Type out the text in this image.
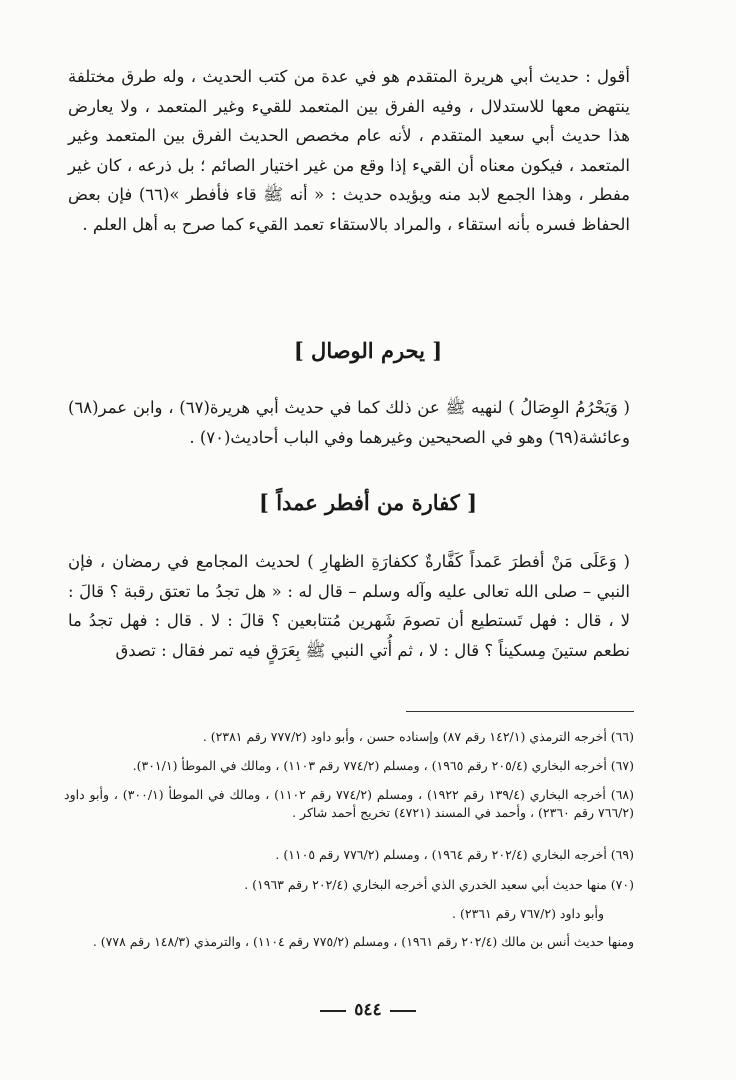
أقول : حديث أبي هريرة المتقدم هو في عدة من كتب الحديث ، وله طرق مختلفة ينتهض معها للاستدلال ، وفيه الفرق بين المتعمد للقيء وغير المتعمد ، ولا يعارض هذا حديث أبي سعيد المتقدم ، لأنه عام مخصص الحديث الفرق بين المتعمد وغير المتعمد ، فيكون معناه أن القيء إذا وقع من غير اختيار الصائم ؛ بل ذرعه ، كان غير مفطر ، وهذا الجمع لابد منه ويؤيده حديث : « أنه ﷺ قاء فأفطر »(٦٦) فإن بعض الحفاظ فسره بأنه استقاء ، والمراد بالاستقاء تعمد القيء كما صرح به أهل العلم .
[ يحرم الوصال ]
( وَيَحْرُمُ الوِصَالُ ) لنهيه ﷺ عن ذلك كما في حديث أبي هريرة(٦٧) ، وابن عمر(٦٨) وعائشة(٦٩) وهو في الصحيحين وغيرهما وفي الباب أحاديث(٧٠) .
[ كفارة من أفطر عمداً ]
( وَعَلَى مَنْ أفطرَ عَمداً كَفَّارةٌ ككفارَةِ الظهارِ ) لحديث المجامع في رمضان ، فإن النبي – صلى الله تعالى عليه وآله وسلم – قال له : « هل تجدُ ما تعتق رقبة ؟ قالَ : لا ، قال : فهل تَستطيع أن تصومَ شَهرين مُتتابعين ؟ قالَ : لا . قال : فهل تجدُ ما نطعم ستينَ مِسكيناً ؟ قال : لا ، ثم أُتي النبي ﷺ بِعَرَقٍ فيه تمر فقال : تصدق
(٦٦) أخرجه الترمذي (١٤٢/١ رقم ٨٧) وإسناده حسن ، وأبو داود (٧٧٧/٢ رقم ٢٣٨١) .
(٦٧) أخرجه البخاري (٢٠٥/٤ رقم ١٩٦٥) ، ومسلم (٧٧٤/٢ رقم ١١٠٣) ، ومالك في الموطأ (٣٠١/١).
(٦٨) أخرجه البخاري (١٣٩/٤ رقم ١٩٢٢) ، ومسلم (٧٧٤/٢ رقم ١١٠٢) ، ومالك في الموطأ (٣٠٠/١) ، وأبو داود (٧٦٦/٢ رقم ٢٣٦٠) ، وأحمد في المسند (٤٧٢١) تخريج أحمد شاكر .
(٦٩) أخرجه البخاري (٢٠٢/٤ رقم ١٩٦٤) ، ومسلم (٧٧٦/٢ رقم ١١٠٥) .
(٧٠) منها حديث أبي سعيد الخدري الذي أخرجه البخاري (٢٠٢/٤ رقم ١٩٦٣) .
وأبو داود (٧٦٧/٢ رقم ٢٣٦١) .
ومنها حديث أنس بن مالك (٢٠٢/٤ رقم ١٩٦١) ، ومسلم (٧٧٥/٢ رقم ١١٠٤) ، والترمذي (١٤٨/٣ رقم ٧٧٨) .
٥٤٤
